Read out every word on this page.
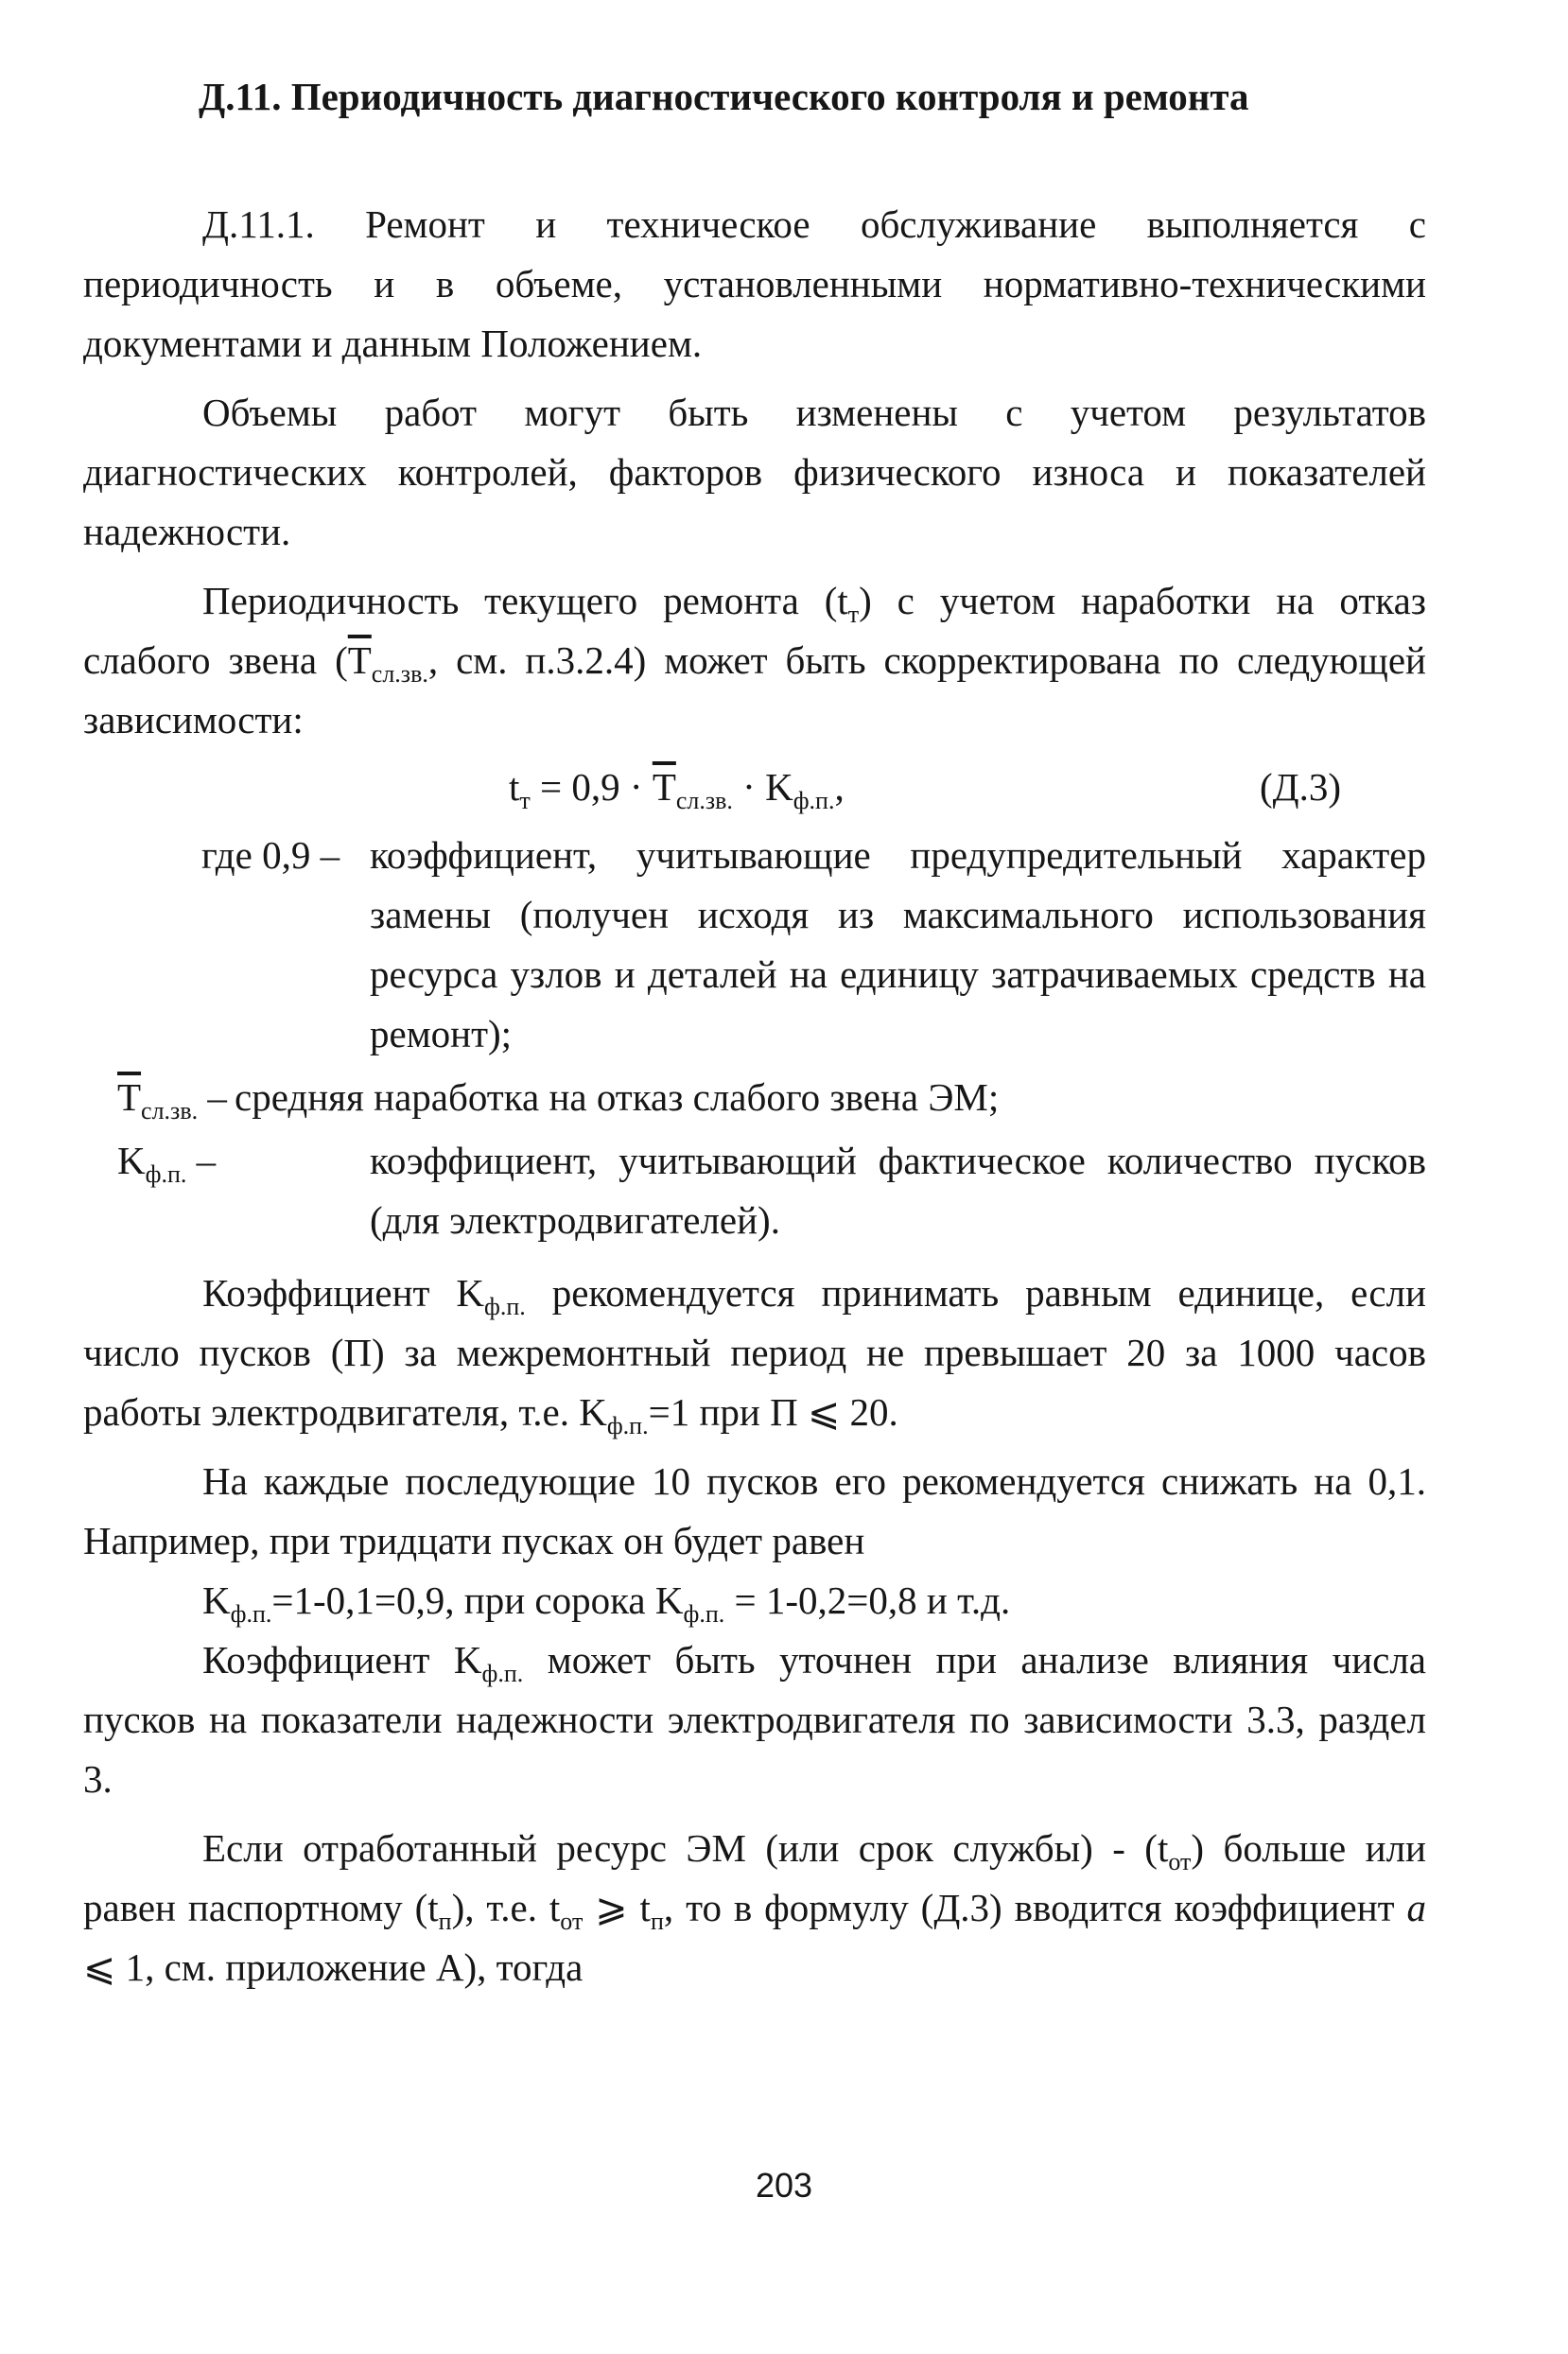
Д.11. Периодичность диагностического контроля и ремонта

Д.11.1. Ремонт и техническое обслуживание выполняется с периодичность и в объеме, установленными нормативно-техническими документами и данным Положением.

Объемы работ могут быть изменены с учетом результатов диагностических контролей, факторов физического износа и показателей надежности.

Периодичность текущего ремонта $(t_т)$ с учетом наработки на отказ слабого звена ($\overline{T}_{сл.зв.}$, см. п.3.2.4) может быть скорректирована по следующей зависимости:

$t_т = 0,9 \cdot \overline{T}_{сл.зв.} \cdot K_{ф.п.}$,	(Д.3)
где 0,9 – коэффициент, учитывающие предупредительный характер замены (получен исходя из максимального использования ресурса узлов и деталей на единицу затрачиваемых средств на ремонт);
$\overline{T}_{сл.зв.}$ – средняя наработка на отказ слабого звена ЭМ;
$K_{ф.п.}$ –	коэффициент, учитывающий фактическое количество пусков (для электродвигателей).

Коэффициент $K_{ф.п.}$ рекомендуется принимать равным единице, если число пусков (П) за межремонтный период не превышает 20 за 1000 часов работы электродвигателя, т.е. $K_{ф.п.}=1$ при П ⩽ 20.

На каждые последующие 10 пусков его рекомендуется снижать на 0,1. Например, при тридцати пусках он будет равен

$K_{ф.п.}=1-0,1=0,9$, при сорока $K_{ф.п.} = 1-0,2=0,8$ и т.д.

Коэффициент $K_{ф.п.}$ может быть уточнен при анализе влияния числа пусков на показатели надежности электродвигателя по зависимости 3.3, раздел 3.

Если отработанный ресурс ЭМ (или срок службы) - $(t_{от})$ больше или равен паспортному $(t_п)$, т.е. $t_{от}$ ⩾ $t_п$, то в формулу (Д.3) вводится коэффициент a ⩽ 1, см. приложение А), тогда

203
